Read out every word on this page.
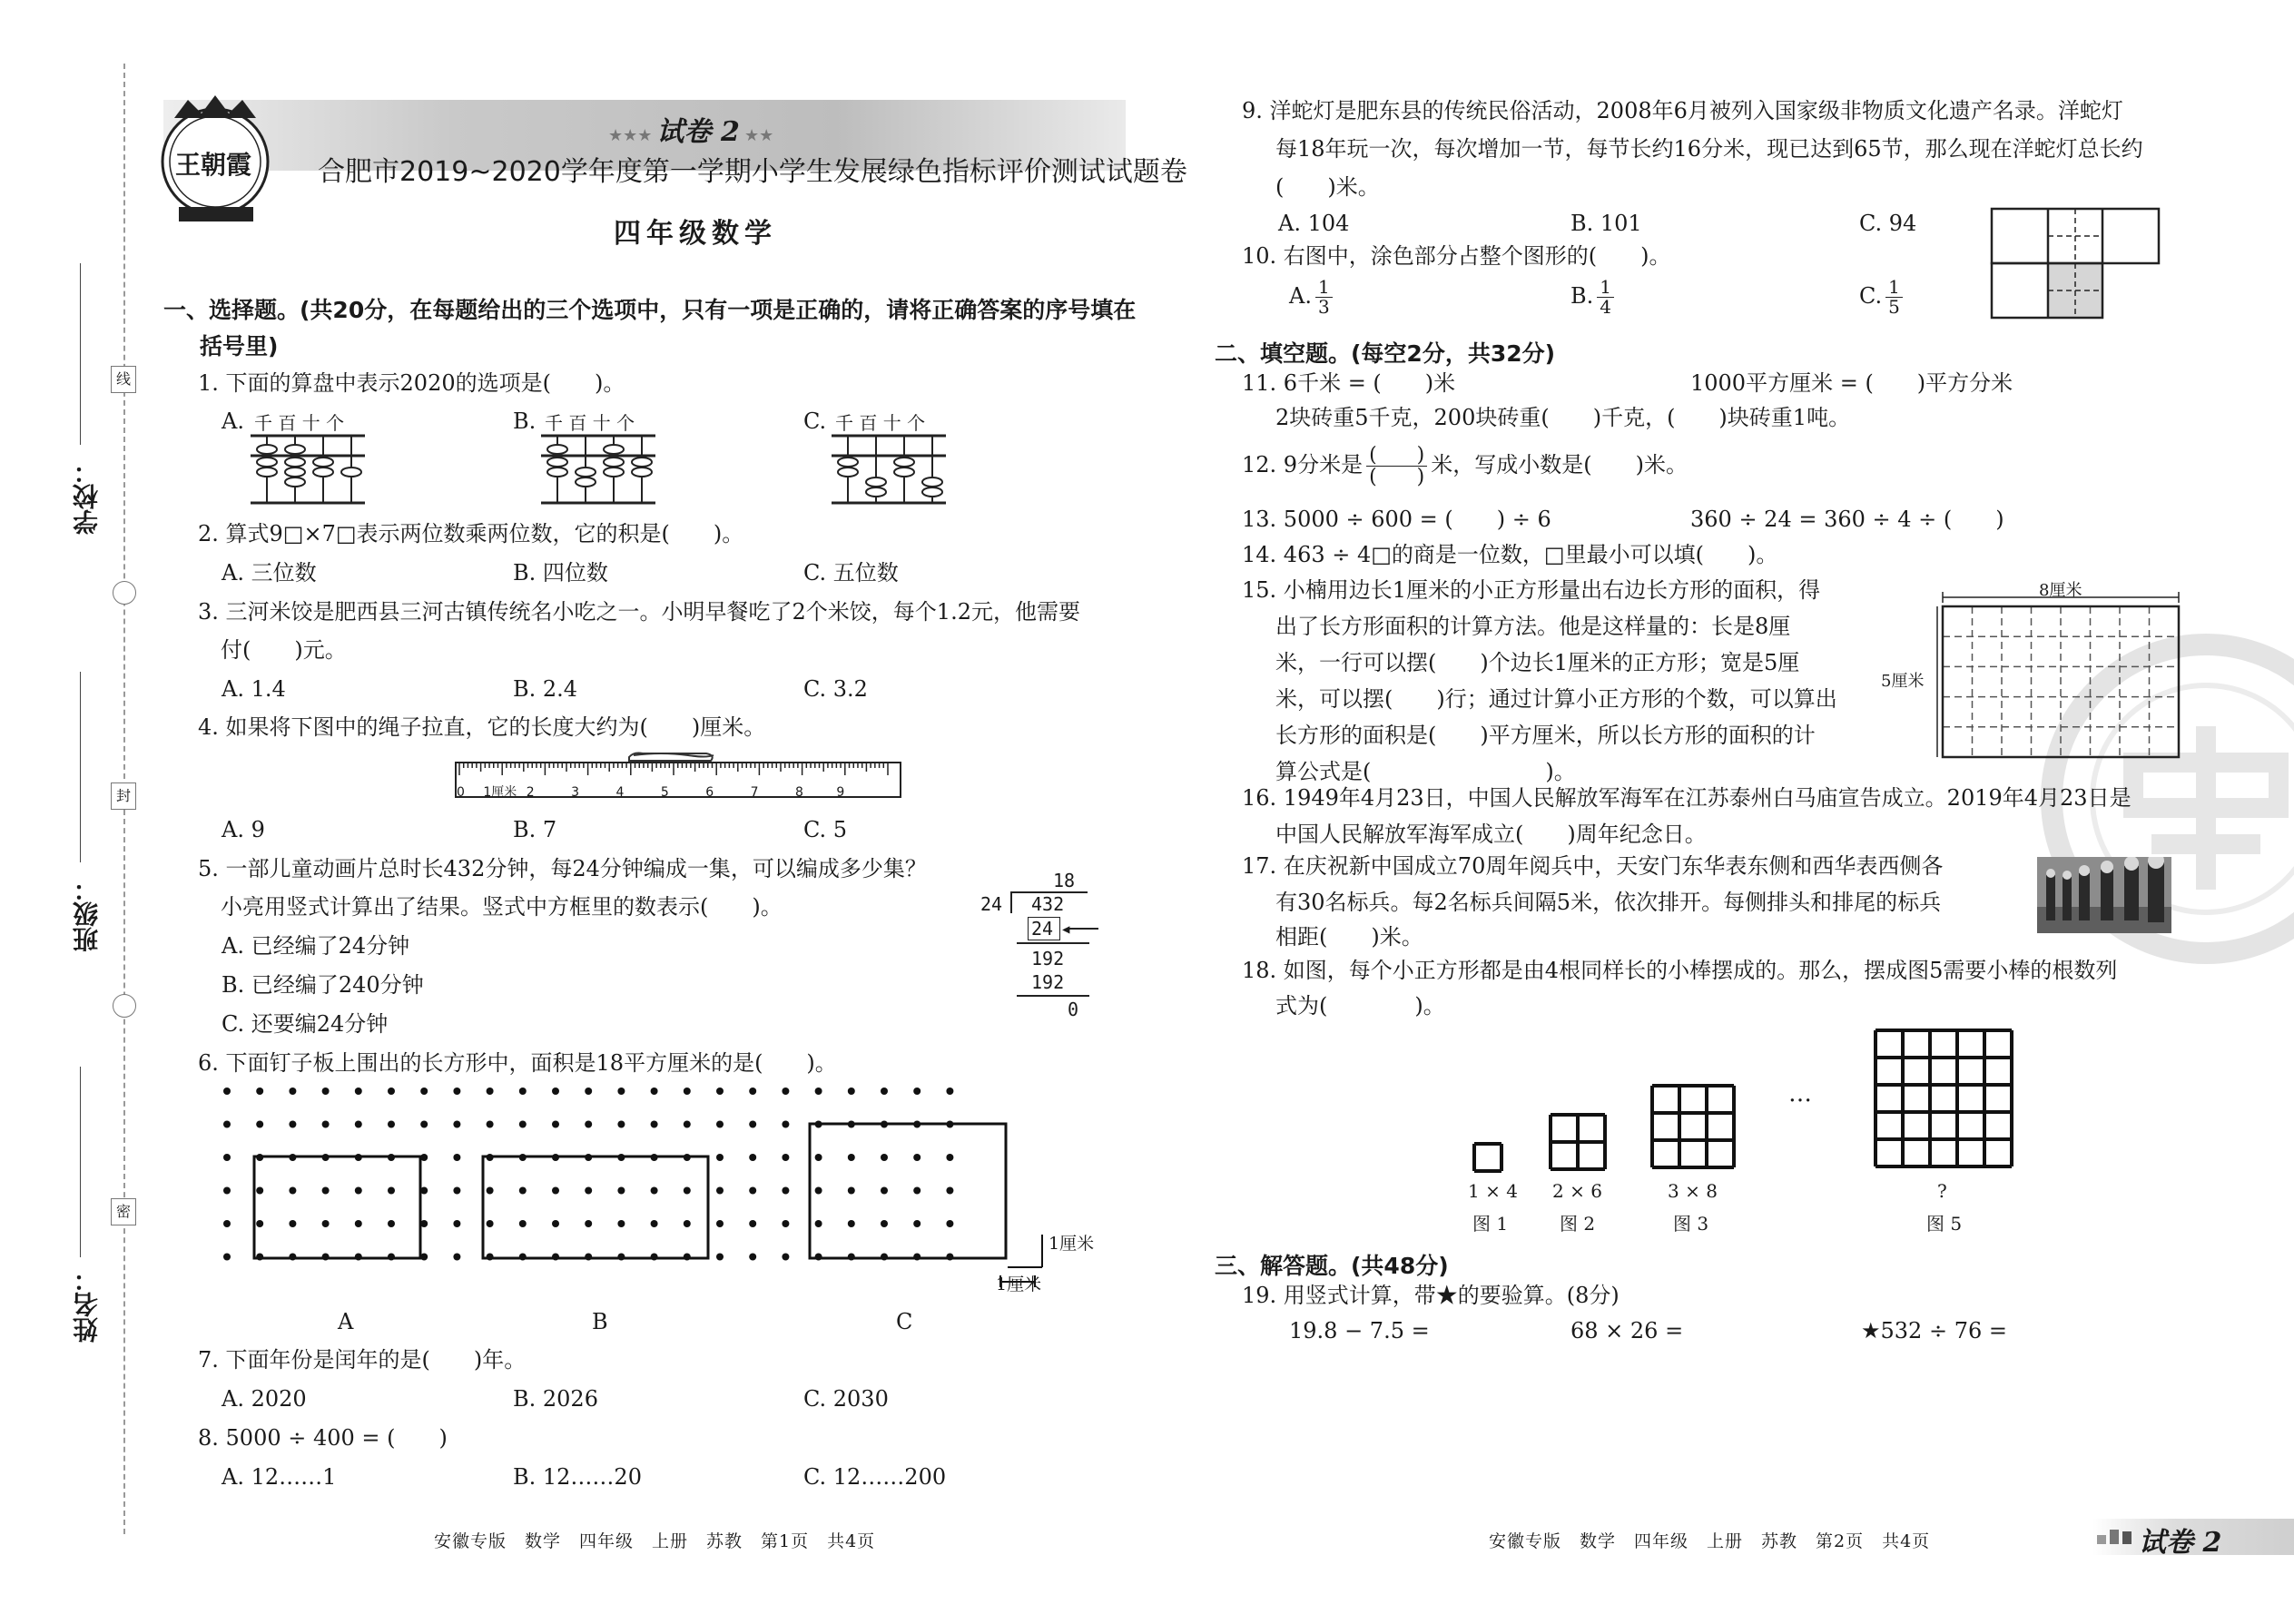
线
封
密
学校：
班级：
姓名：
王朝霞
★★★ 试卷 2 ★★
合肥市2019~2020学年度第一学期小学生发展绿色指标评价测试试题卷
四年级数学
一、选择题。(共20分，在每题给出的三个选项中，只有一项是正确的，请将正确答案的序号填在
括号里)
1. 下面的算盘中表示2020的选项是(　　)。
A.	B.	C.
千 百 十 个	千 百 十 个	千 百 十 个
2. 算式9□×7□表示两位数乘两位数，它的积是(　　)。
A. 三位数	B. 四位数	C. 五位数
3. 三河米饺是肥西县三河古镇传统名小吃之一。小明早餐吃了2个米饺，每个1.2元，他需要
付(　　)元。
A. 1.4	B. 2.4	C. 3.2
4. 如果将下图中的绳子拉直，它的长度大约为(　　)厘米。
0 1厘米 2	3	4	5	6	7	8	9
A. 9	B. 7	C. 5
5. 一部儿童动画片总时长432分钟，每24分钟编成一集，可以编成多少集？
小亮用竖式计算出了结果。竖式中方框里的数表示(　　)。
A. 已经编了24分钟
B. 已经编了240分钟
C. 还要编24分钟
18
24 432
24 ◀
192
192
0
6. 下面钉子板上围出的长方形中，面积是18平方厘米的是(　　)。
1厘米
1厘米
A	B	C
7. 下面年份是闰年的是(　　)年。
A. 2020	B. 2026	C. 2030
8. 5000 ÷ 400 = (　　)
A. 12……1	B. 12……20	C. 12……200
安徽专版　数学　四年级　上册　苏教　第1页　共4页
9. 洋蛇灯是肥东县的传统民俗活动，2008年6月被列入国家级非物质文化遗产名录。洋蛇灯
每18年玩一次，每次增加一节，每节长约16分米，现已达到65节，那么现在洋蛇灯总长约
(　　)米。
A. 104	B. 101	C. 94
10. 右图中，涂色部分占整个图形的(　　)。
A. $\frac{1}{3}$	B. $\frac{1}{4}$	C. $\frac{1}{5}$
二、填空题。(每空2分，共32分)
11. 6千米 = (　　)米	1000平方厘米 = (　　)平方分米
2块砖重5千克，200块砖重(　　)千克，(　　)块砖重1吨。
12. 9分米是 $\frac{( )}{( )}$ 米，写成小数是(　　)米。
13. 5000 ÷ 600 = (　　) ÷ 6	360 ÷ 24 = 360 ÷ 4 ÷ (　　)
14. 463 ÷ 4□的商是一位数，□里最小可以填(　　)。
15. 小楠用边长1厘米的小正方形量出右边长方形的面积，得
出了长方形面积的计算方法。他是这样量的：长是8厘
米，一行可以摆(　　)个边长1厘米的正方形；宽是5厘
米，可以摆(　　)行；通过计算小正方形的个数，可以算出
长方形的面积是(　　)平方厘米，所以长方形的面积的计
算公式是(　　　　　　　　)。
8厘米
5厘米
16. 1949年4月23日，中国人民解放军海军在江苏泰州白马庙宣告成立。2019年4月23日是
中国人民解放军海军成立(　　)周年纪念日。
17. 在庆祝新中国成立70周年阅兵中，天安门东华表东侧和西华表西侧各
有30名标兵。每2名标兵间隔5米，依次排开。每侧排头和排尾的标兵
相距(　　)米。
18. 如图，每个小正方形都是由4根同样长的小棒摆成的。那么，摆成图5需要小棒的根数列
式为(　　　　)。
…
1 × 4 2 × 6	3 × 8	?
图 1	图 2	图 3	图 5
三、解答题。(共48分)
19. 用竖式计算，带★的要验算。(8分)
19.8 − 7.5 =	68 × 26 =	★532 ÷ 76 =
安徽专版　数学　四年级　上册　苏教　第2页　共4页	试卷 2
